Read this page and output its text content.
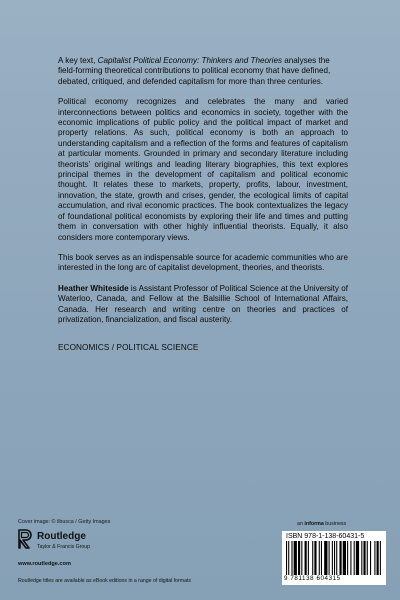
A key text, Capitalist Political Economy: Thinkers and Theories analyses the field-forming theoretical contributions to political economy that have defined, debated, critiqued, and defended capitalism for more than three centuries.

Political economy recognizes and celebrates the many and varied interconnections between politics and economics in society, together with the economic implications of public policy and the political impact of market and property relations. As such, political economy is both an approach to understanding capitalism and a reflection of the forms and features of capitalism at particular moments. Grounded in primary and secondary literature including theorists’ original writings and leading literary biographies, this text explores principal themes in the development of capitalism and political economic thought. It relates these to markets, property, profits, labour, investment, innovation, the state, growth and crises, gender, the ecological limits of capital accumulation, and rival economic practices. The book contextualizes the legacy of foundational political economists by exploring their life and times and putting them in conversation with other highly influential theorists. Equally, it also considers more contemporary views.

This book serves as an indispensable source for academic communities who are interested in the long arc of capitalist development, theories, and theorists.

Heather Whiteside is Assistant Professor of Political Science at the University of Waterloo, Canada, and Fellow at the Balsillie School of International Affairs, Canada. Her research and writing centre on theories and practices of privatization, financialization, and fiscal austerity.

ECONOMICS / POLITICAL SCIENCE
Cover image: © ilbusca / Getty Images
Routledge
Taylor & Francis Group
www.routledge.com
Routledge titles are available as eBook editions in a range of digital formats
an informa business
ISBN 978-1-138-60431-5
9 781138 604315
